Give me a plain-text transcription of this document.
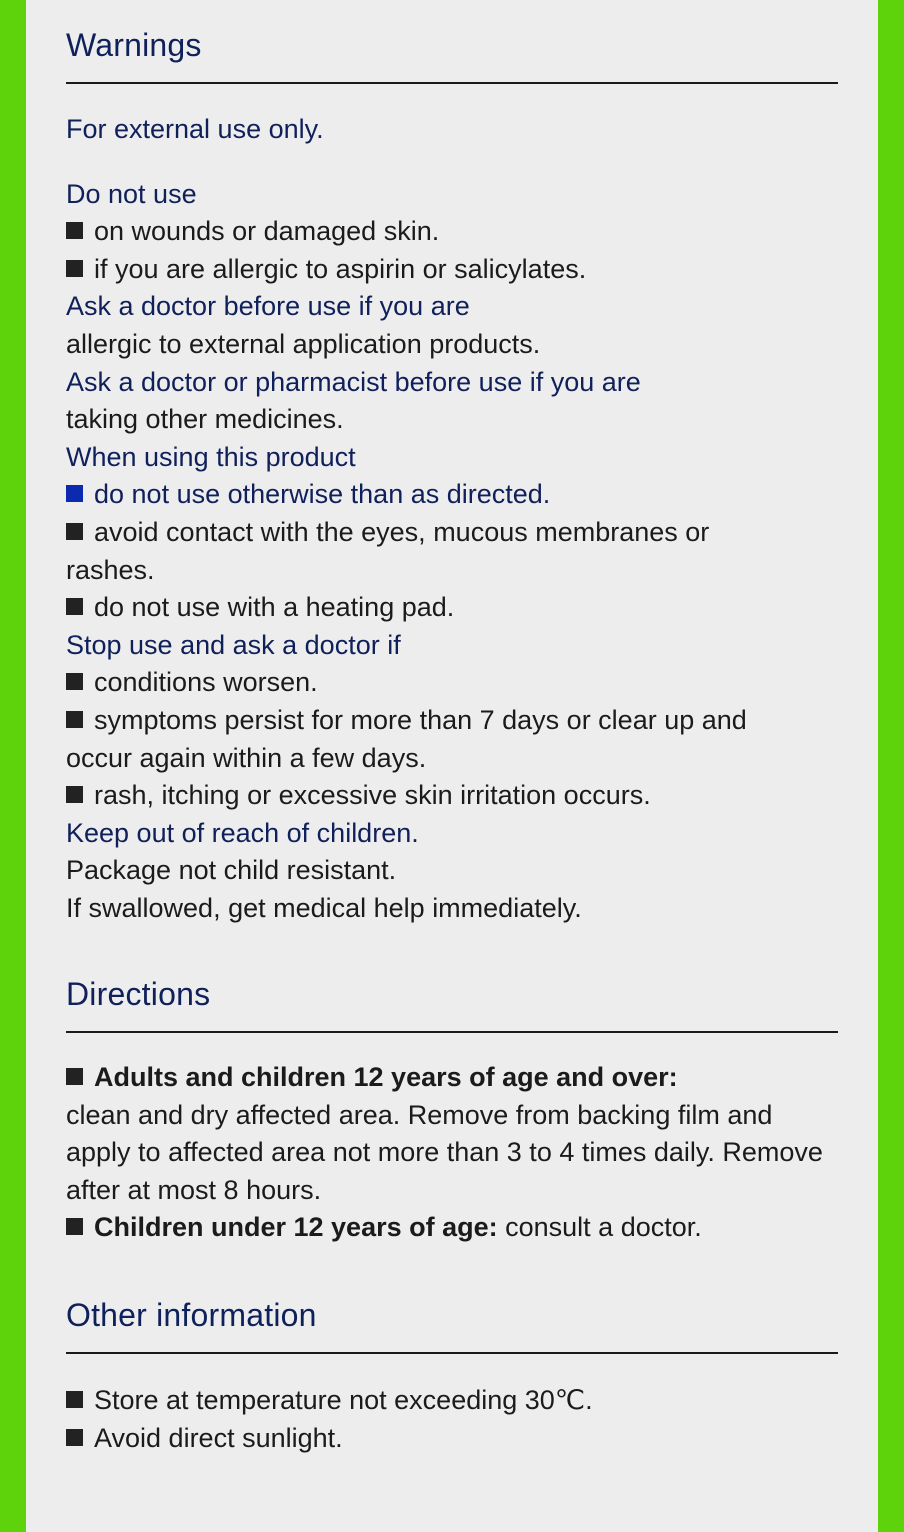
Warnings
For external use only.
Do not use
on wounds or damaged skin.
if you are allergic to aspirin or salicylates.
Ask a doctor before use if you are
allergic to external application products.
Ask a doctor or pharmacist before use if you are
taking other medicines.
When using this product
do not use otherwise than as directed.
avoid contact with the eyes, mucous membranes or rashes.
do not use with a heating pad.
Stop use and ask a doctor if
conditions worsen.
symptoms persist for more than 7 days or clear up and occur again within a few days.
rash, itching or excessive skin irritation occurs.
Keep out of reach of children.
Package not child resistant.
If swallowed, get medical help immediately.
Directions
Adults and children 12 years of age and over:
clean and dry affected area. Remove from backing film and apply to affected area not more than 3 to 4 times daily. Remove after at most 8 hours.
Children under 12 years of age: consult a doctor.
Other information
Store at temperature not exceeding 30℃.
Avoid direct sunlight.
